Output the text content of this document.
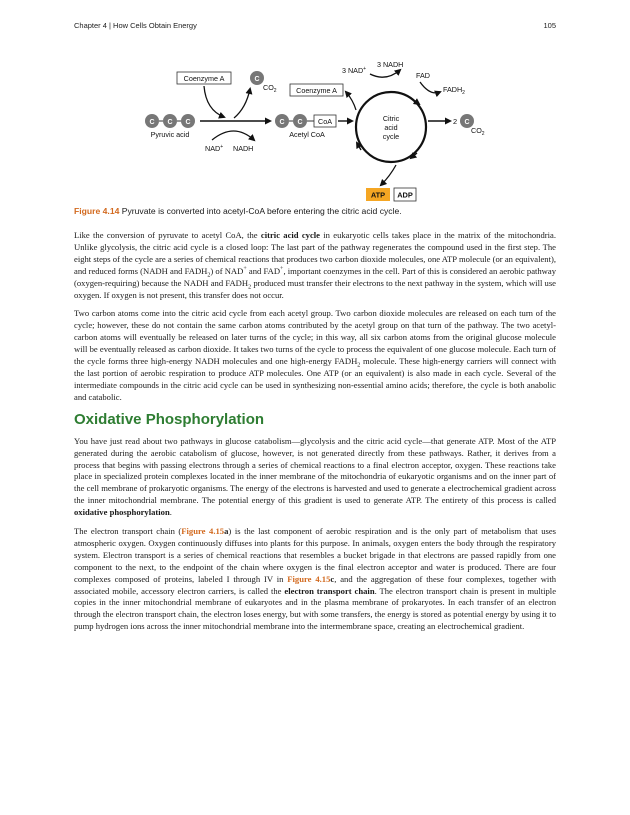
Chapter 4 | How Cells Obtain Energy	105
Coenzyme A	C
$CO_2$
C C C
Pyruvic acid
NAD+ NADH
C C CoA
Acetyl CoA
Coenzyme A
Citric
acid
cycle
3 NAD+ 3 NADH
FAD
$FADH_2$
2 C
$CO_2$
ATP ADP
Figure 4.14 Pyruvate is converted into acetyl-CoA before entering the citric acid cycle.

Like the conversion of pyruvate to acetyl CoA, the citric acid cycle in eukaryotic cells takes place in the matrix of the mitochondria. Unlike glycolysis, the citric acid cycle is a closed loop: The last part of the pathway regenerates the compound used in the first step. The eight steps of the cycle are a series of chemical reactions that produces two carbon dioxide molecules, one ATP molecule (or an equivalent), and reduced forms (NADH and $FADH_2$) of NAD+ and FAD+, important coenzymes in the cell. Part of this is considered an aerobic pathway (oxygen-requiring) because the NADH and $FADH_2$ produced must transfer their electrons to the next pathway in the system, which will use oxygen. If oxygen is not present, this transfer does not occur.

Two carbon atoms come into the citric acid cycle from each acetyl group. Two carbon dioxide molecules are released on each turn of the cycle; however, these do not contain the same carbon atoms contributed by the acetyl group on that turn of the pathway. The two acetyl-carbon atoms will eventually be released on later turns of the cycle; in this way, all six carbon atoms from the original glucose molecule will be eventually released as carbon dioxide. It takes two turns of the cycle to process the equivalent of one glucose molecule. Each turn of the cycle forms three high-energy NADH molecules and one high-energy $FADH_2$ molecule. These high-energy carriers will connect with the last portion of aerobic respiration to produce ATP molecules. One ATP (or an equivalent) is also made in each cycle. Several of the intermediate compounds in the citric acid cycle can be used in synthesizing non-essential amino acids; therefore, the cycle is both anabolic and catabolic.

Oxidative Phosphorylation

You have just read about two pathways in glucose catabolism—glycolysis and the citric acid cycle—that generate ATP. Most of the ATP generated during the aerobic catabolism of glucose, however, is not generated directly from these pathways. Rather, it derives from a process that begins with passing electrons through a series of chemical reactions to a final electron acceptor, oxygen. These reactions take place in specialized protein complexes located in the inner membrane of the mitochondria of eukaryotic organisms and on the inner part of the cell membrane of prokaryotic organisms. The energy of the electrons is harvested and used to generate a electrochemical gradient across the inner mitochondrial membrane. The potential energy of this gradient is used to generate ATP. The entirety of this process is called oxidative phosphorylation.

The electron transport chain (Figure 4.15a) is the last component of aerobic respiration and is the only part of metabolism that uses atmospheric oxygen. Oxygen continuously diffuses into plants for this purpose. In animals, oxygen enters the body through the respiratory system. Electron transport is a series of chemical reactions that resembles a bucket brigade in that electrons are passed rapidly from one component to the next, to the endpoint of the chain where oxygen is the final electron acceptor and water is produced. There are four complexes composed of proteins, labeled I through IV in Figure 4.15c, and the aggregation of these four complexes, together with associated mobile, accessory electron carriers, is called the electron transport chain. The electron transport chain is present in multiple copies in the inner mitochondrial membrane of eukaryotes and in the plasma membrane of prokaryotes. In each transfer of an electron through the electron transport chain, the electron loses energy, but with some transfers, the energy is stored as potential energy by using it to pump hydrogen ions across the inner mitochondrial membrane into the intermembrane space, creating an electrochemical gradient.
